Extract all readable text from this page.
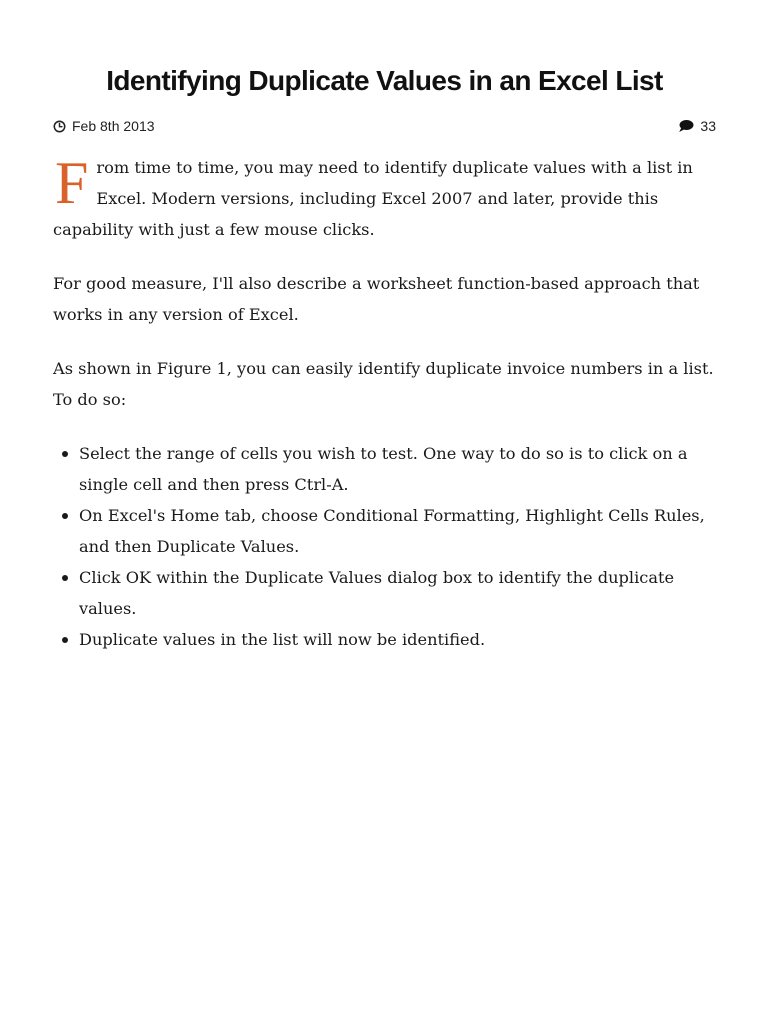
Identifying Duplicate Values in an Excel List
Feb 8th 2013	33

From time to time, you may need to identify duplicate values with a list in Excel. Modern versions, including Excel 2007 and later, provide this capability with just a few mouse clicks.

For good measure, I'll also describe a worksheet function-based approach that works in any version of Excel.

As shown in Figure 1, you can easily identify duplicate invoice numbers in a list. To do so:

Select the range of cells you wish to test. One way to do so is to click on a single cell and then press Ctrl-A.
On Excel's Home tab, choose Conditional Formatting, Highlight Cells Rules, and then Duplicate Values.
Click OK within the Duplicate Values dialog box to identify the duplicate values.
Duplicate values in the list will now be identified.
